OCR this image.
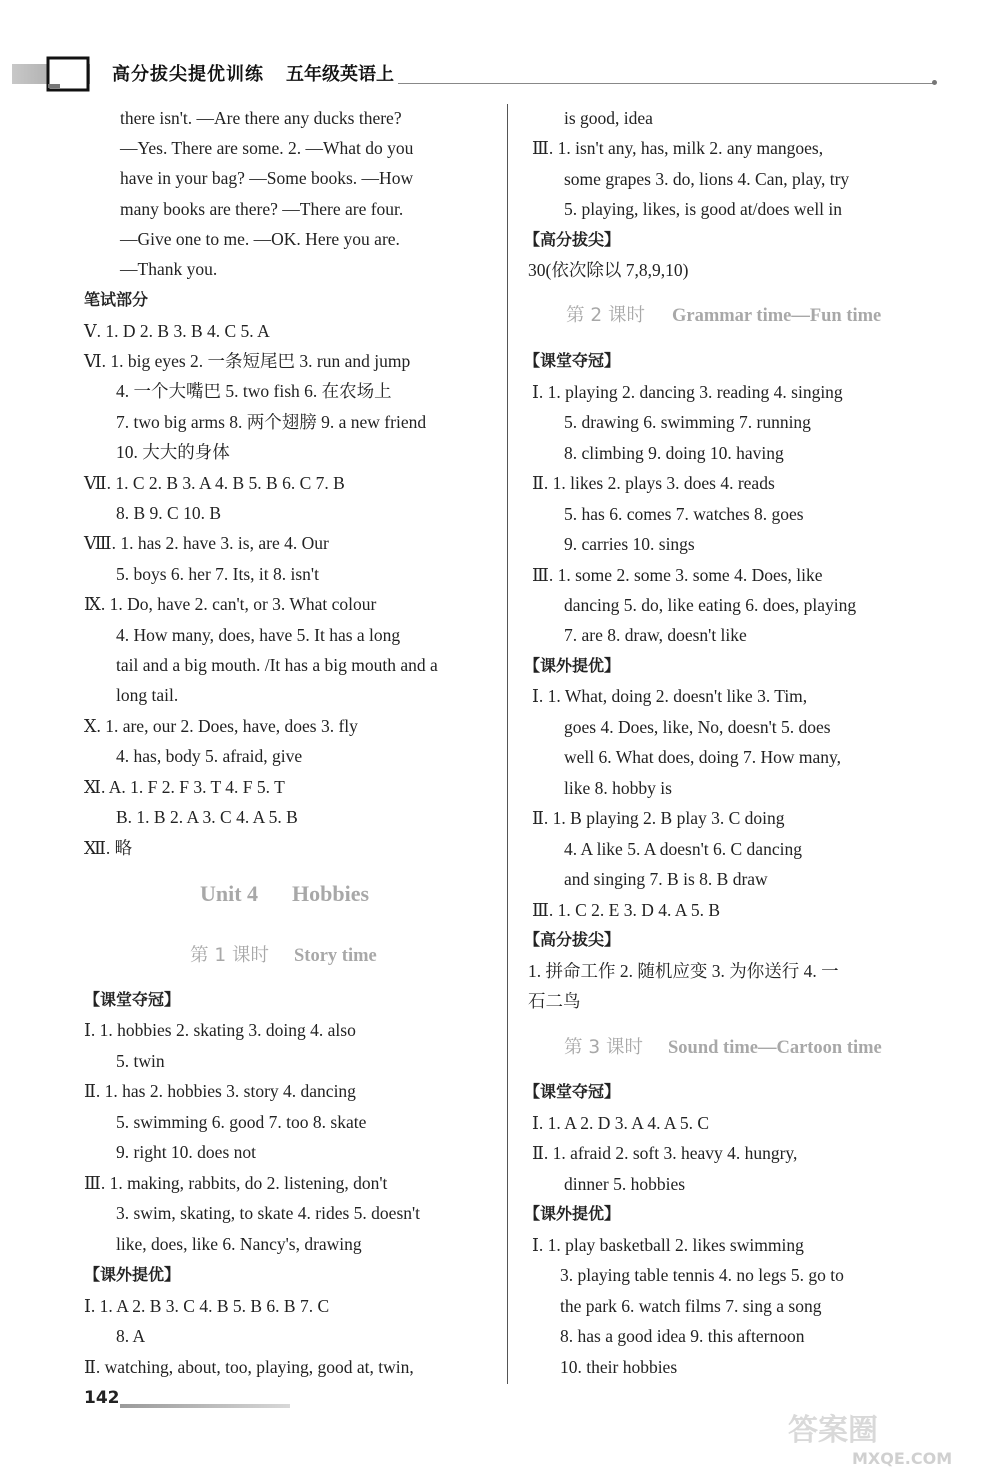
高分拔尖提优训练 五年级英语上
there isn't. —Are there any ducks there?
—Yes. There are some. 2. —What do you
have in your bag? —Some books. —How
many books are there? —There are four.
—Give one to me. —OK. Here you are.
—Thank you.
笔试部分
Ⅴ. 1. D 2. B 3. B 4. C 5. A
Ⅵ. 1. big eyes 2. 一条短尾巴 3. run and jump
4. 一个大嘴巴 5. two fish 6. 在农场上
7. two big arms 8. 两个翅膀 9. a new friend
10. 大大的身体
Ⅶ. 1. C 2. B 3. A 4. B 5. B 6. C 7. B
8. B 9. C 10. B
Ⅷ. 1. has 2. have 3. is, are 4. Our
5. boys 6. her 7. Its, it 8. isn't
Ⅸ. 1. Do, have 2. can't, or 3. What colour
4. How many, does, have 5. It has a long
tail and a big mouth. /It has a big mouth and a
long tail.
Ⅹ. 1. are, our 2. Does, have, does 3. fly
4. has, body 5. afraid, give
Ⅺ. A. 1. F 2. F 3. T 4. F 5. T
B. 1. B 2. A 3. C 4. A 5. B
Ⅻ. 略
Unit 4 Hobbies
第 1 课时 Story time
【课堂夺冠】
Ⅰ. 1. hobbies 2. skating 3. doing 4. also
5. twin
Ⅱ. 1. has 2. hobbies 3. story 4. dancing
5. swimming 6. good 7. too 8. skate
9. right 10. does not
Ⅲ. 1. making, rabbits, do 2. listening, don't
3. swim, skating, to skate 4. rides 5. doesn't
like, does, like 6. Nancy's, drawing
【课外提优】
Ⅰ. 1. A 2. B 3. C 4. B 5. B 6. B 7. C
8. A
Ⅱ. watching, about, too, playing, good at, twin,
is good, idea
Ⅲ. 1. isn't any, has, milk 2. any mangoes,
some grapes 3. do, lions 4. Can, play, try
5. playing, likes, is good at/does well in
【高分拔尖】
30(依次除以 7,8,9,10)
第 2 课时 Grammar time—Fun time
【课堂夺冠】
Ⅰ. 1. playing 2. dancing 3. reading 4. singing
5. drawing 6. swimming 7. running
8. climbing 9. doing 10. having
Ⅱ. 1. likes 2. plays 3. does 4. reads
5. has 6. comes 7. watches 8. goes
9. carries 10. sings
Ⅲ. 1. some 2. some 3. some 4. Does, like
dancing 5. do, like eating 6. does, playing
7. are 8. draw, doesn't like
【课外提优】
Ⅰ. 1. What, doing 2. doesn't like 3. Tim,
goes 4. Does, like, No, doesn't 5. does
well 6. What does, doing 7. How many,
like 8. hobby is
Ⅱ. 1. B playing 2. B play 3. C doing
4. A like 5. A doesn't 6. C dancing
and singing 7. B is 8. B draw
Ⅲ. 1. C 2. E 3. D 4. A 5. B
【高分拔尖】
1. 拼命工作 2. 随机应变 3. 为你送行 4. 一
石二鸟
第 3 课时 Sound time—Cartoon time
【课堂夺冠】
Ⅰ. 1. A 2. D 3. A 4. A 5. C
Ⅱ. 1. afraid 2. soft 3. heavy 4. hungry,
dinner 5. hobbies
【课外提优】
Ⅰ. 1. play basketball 2. likes swimming
3. playing table tennis 4. no legs 5. go to
the park 6. watch films 7. sing a song
8. has a good idea 9. this afternoon
10. their hobbies
142
答案圈
MXQE.COM
